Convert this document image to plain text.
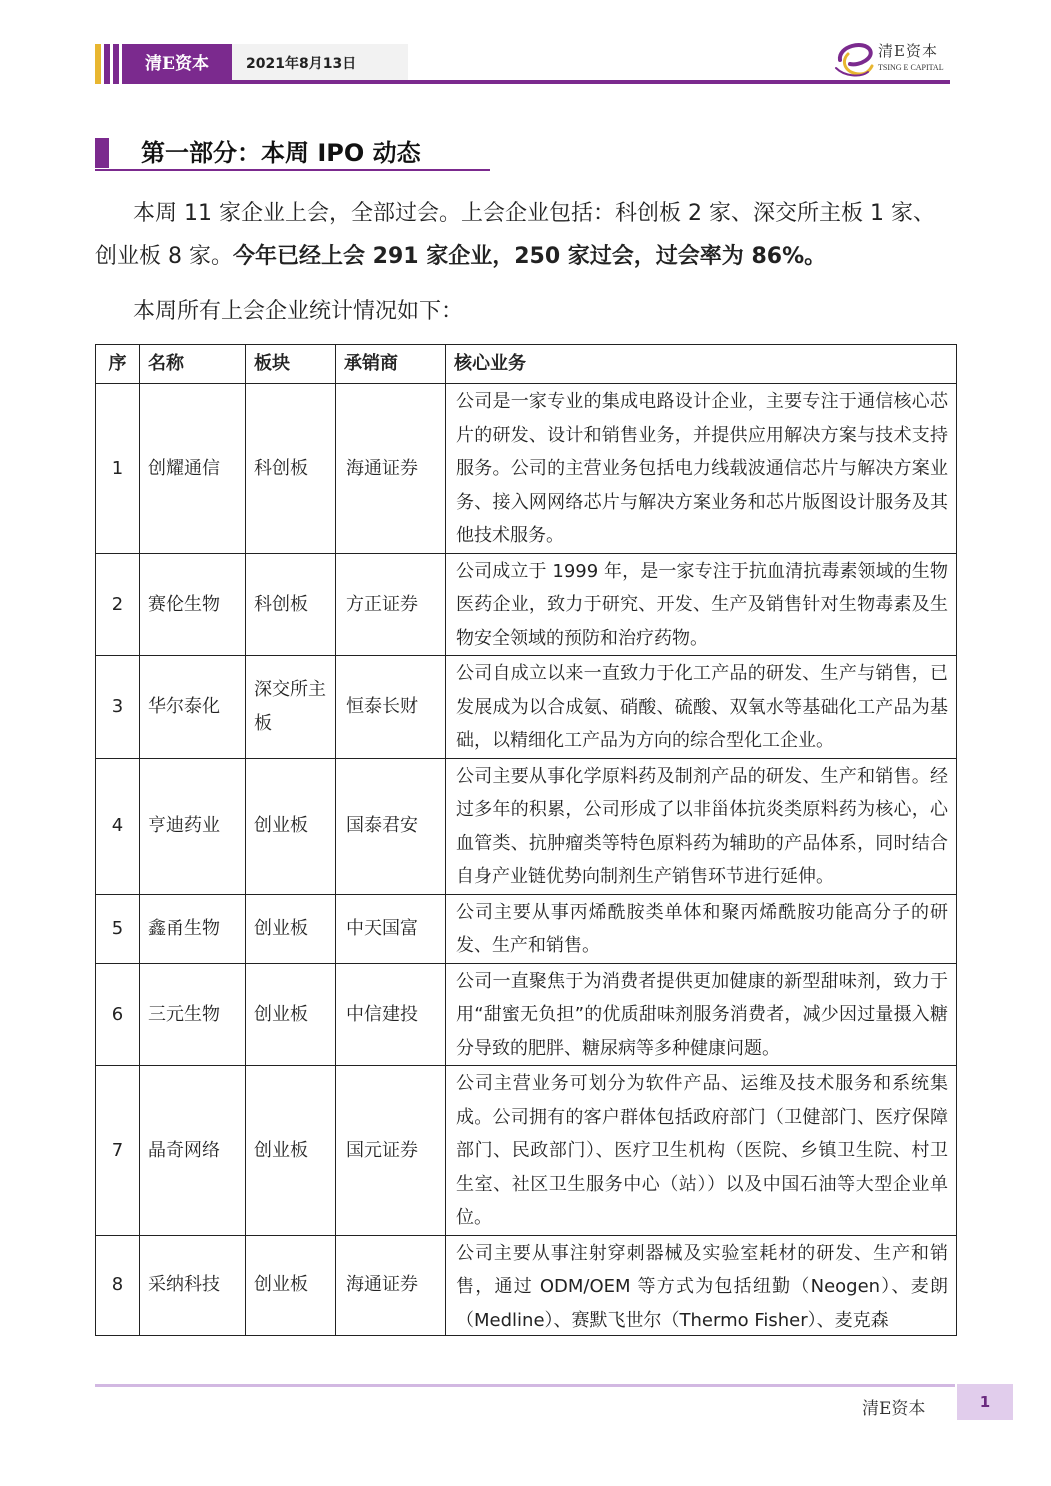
清E资本	2021年8月13日
清E资本
TSING E CAPITAL
第一部分：本周 IPO 动态
本周 11 家企业上会，全部过会。上会企业包括：科创板 2 家、深交所主板 1 家、创业板 8 家。今年已经上会 291 家企业，250 家过会，过会率为 86%。
本周所有上会企业统计情况如下：
序	名称	板块	承销商	核心业务
1	创耀通信	科创板	海通证券	公司是一家专业的集成电路设计企业，主要专注于通信核心芯片的研发、设计和销售业务，并提供应用解决方案与技术支持服务。公司的主营业务包括电力线载波通信芯片与解决方案业务、接入网网络芯片与解决方案业务和芯片版图设计服务及其他技术服务。
2	赛伦生物	科创板	方正证券	公司成立于 1999 年，是一家专注于抗血清抗毒素领域的生物医药企业，致力于研究、开发、生产及销售针对生物毒素及生物安全领域的预防和治疗药物。
3	华尔泰化	深交所主板	恒泰长财	公司自成立以来一直致力于化工产品的研发、生产与销售，已发展成为以合成氨、硝酸、硫酸、双氧水等基础化工产品为基础，以精细化工产品为方向的综合型化工企业。
4	亨迪药业	创业板	国泰君安	公司主要从事化学原料药及制剂产品的研发、生产和销售。经过多年的积累，公司形成了以非甾体抗炎类原料药为核心，心血管类、抗肿瘤类等特色原料药为辅助的产品体系，同时结合自身产业链优势向制剂生产销售环节进行延伸。
5	鑫甬生物	创业板	中天国富	公司主要从事丙烯酰胺类单体和聚丙烯酰胺功能高分子的研发、生产和销售。
6	三元生物	创业板	中信建投	公司一直聚焦于为消费者提供更加健康的新型甜味剂，致力于用“甜蜜无负担”的优质甜味剂服务消费者，减少因过量摄入糖分导致的肥胖、糖尿病等多种健康问题。
7	晶奇网络	创业板	国元证券	公司主营业务可划分为软件产品、运维及技术服务和系统集成。公司拥有的客户群体包括政府部门（卫健部门、医疗保障部门、民政部门）、医疗卫生机构（医院、乡镇卫生院、村卫生室、社区卫生服务中心（站））以及中国石油等大型企业单位。
8	采纳科技	创业板	海通证券	公司主要从事注射穿刺器械及实验室耗材的研发、生产和销售，通过 ODM/OEM 等方式为包括纽勤（Neogen）、麦朗（Medline）、赛默飞世尔（Thermo Fisher）、麦克森
清E资本	1
